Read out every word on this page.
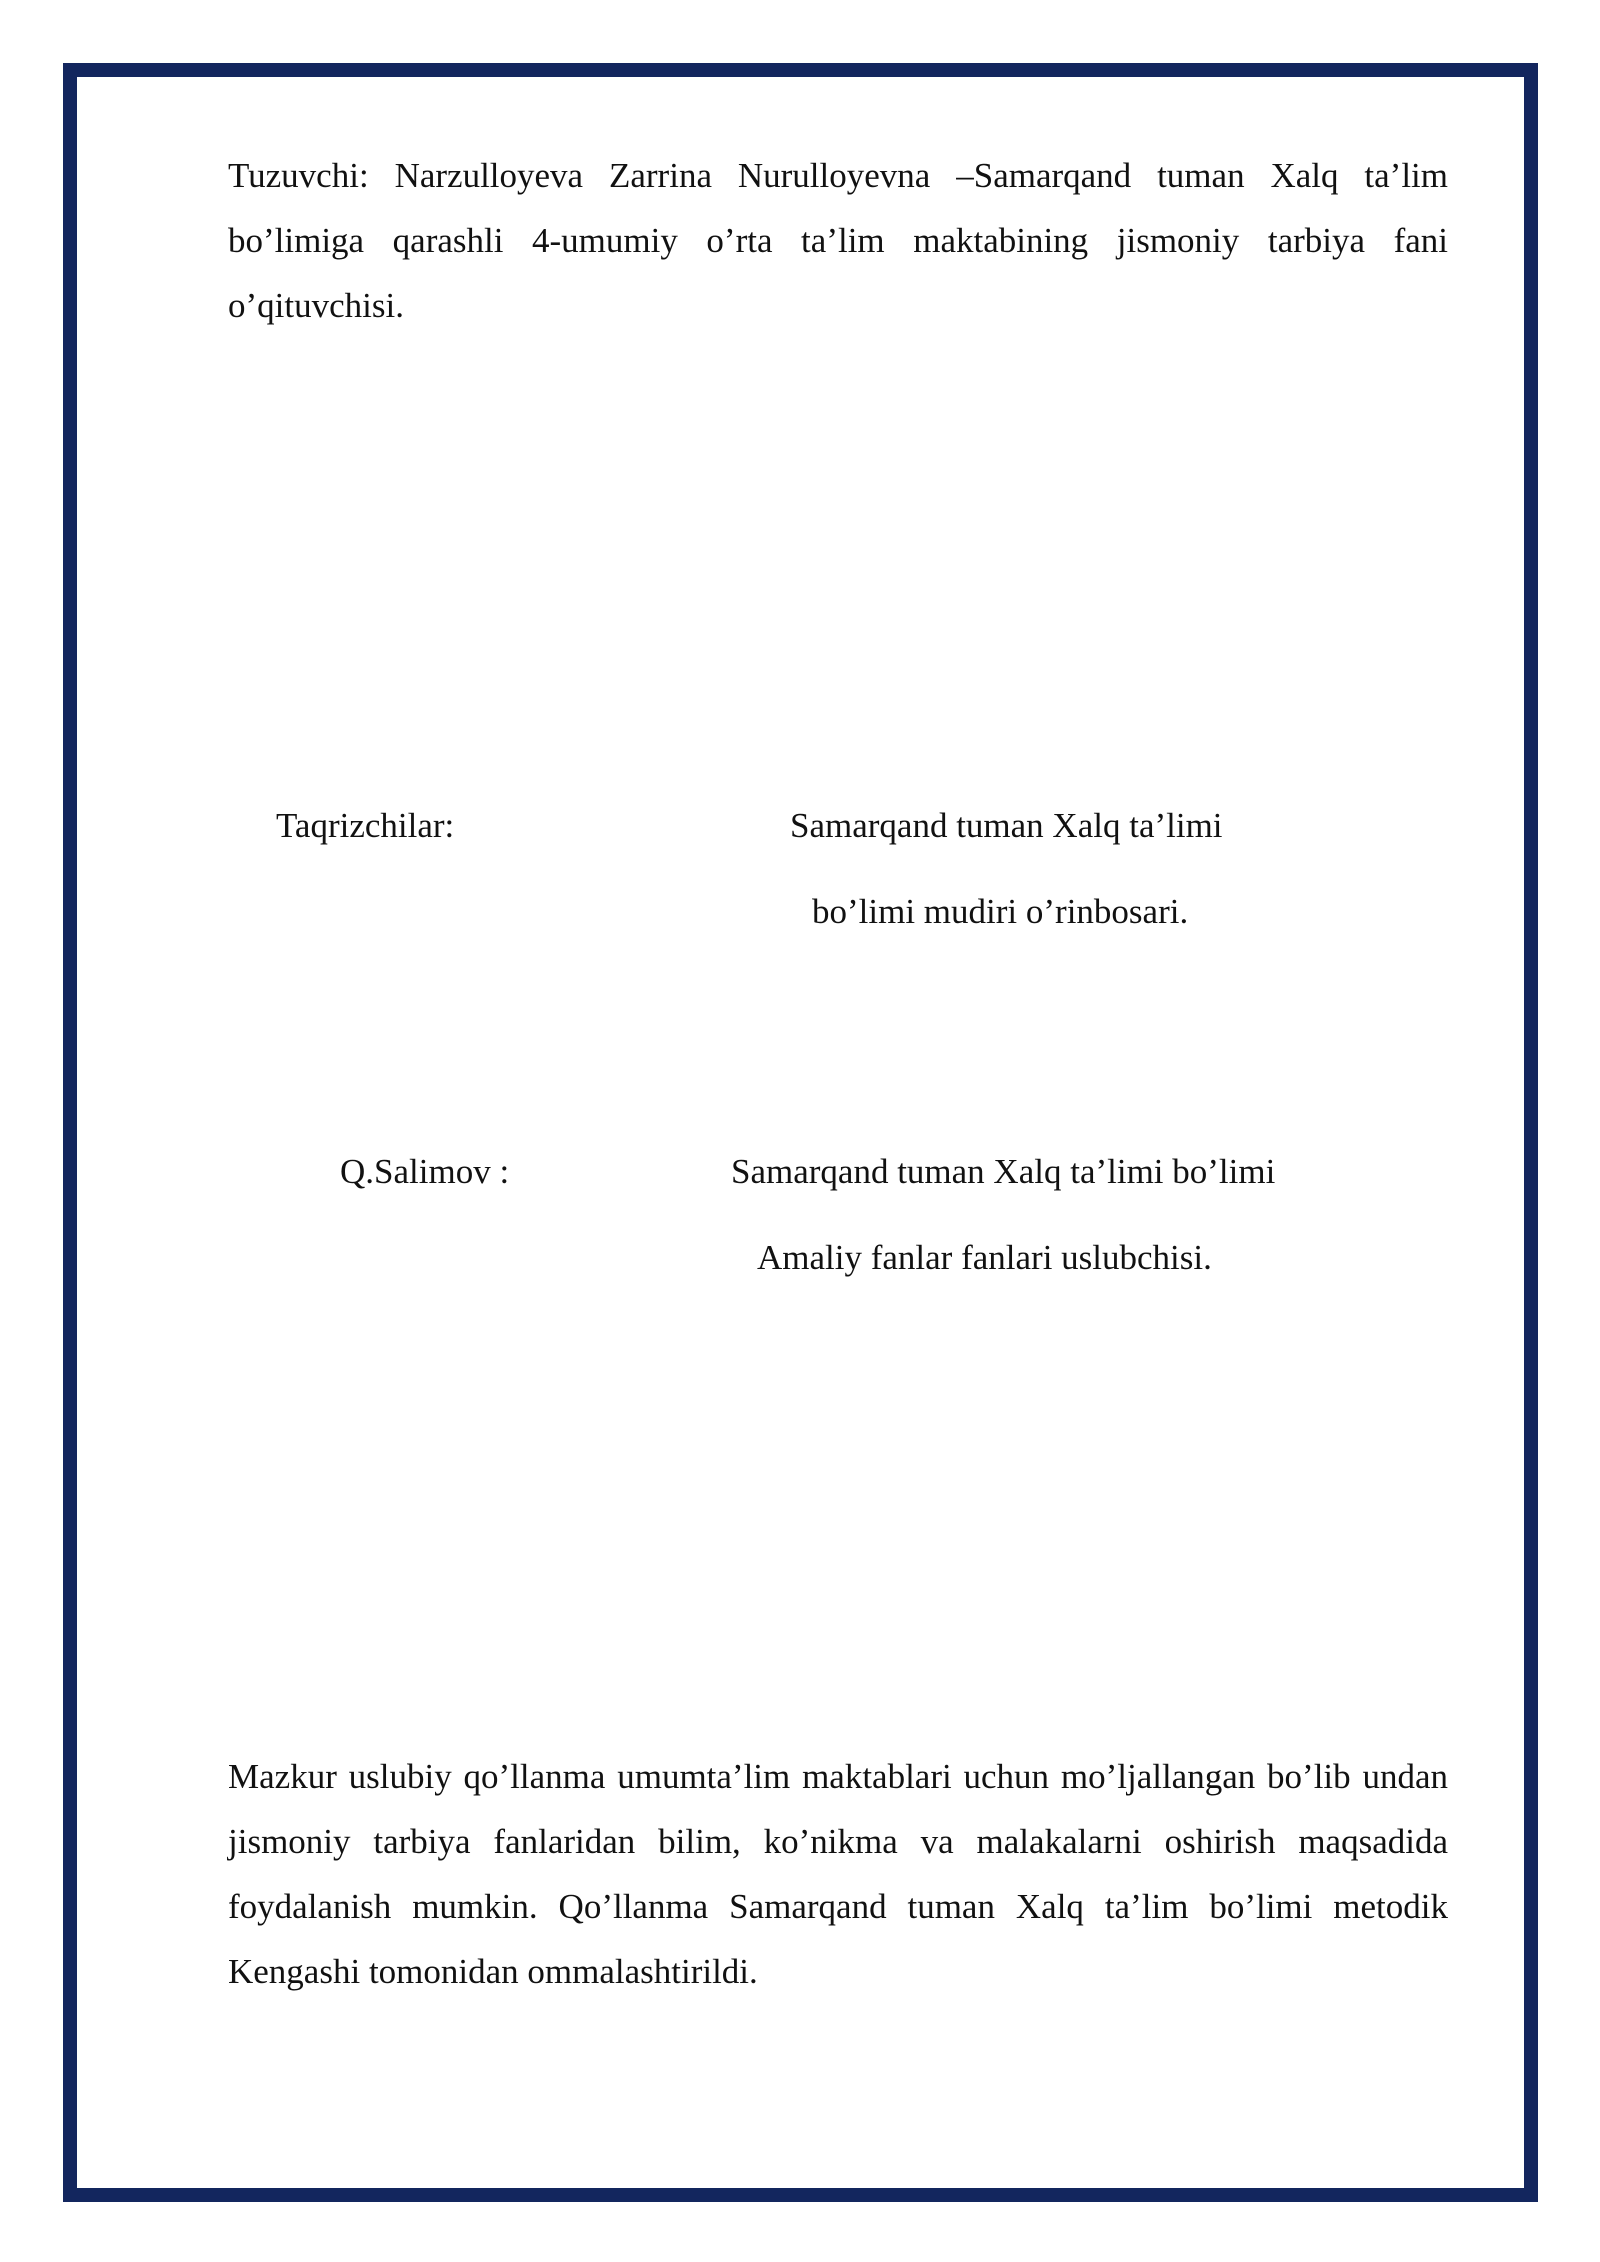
Tuzuvchi: Narzulloyeva Zarrina Nurulloyevna –Samarqand tuman Xalq ta’lim bo’limiga qarashli 4-umumiy o’rta ta’lim maktabining jismoniy tarbiya fani o’qituvchisi.
Taqrizchilar:	Samarqand tuman Xalq ta’limi
bo’limi mudiri o’rinbosari.
Q.Salimov :	Samarqand tuman Xalq ta’limi bo’limi
Amaliy fanlar fanlari uslubchisi.
Mazkur uslubiy qo’llanma umumta’lim maktablari uchun mo’ljallangan bo’lib undan jismoniy tarbiya fanlaridan bilim, ko’nikma va malakalarni oshirish maqsadida foydalanish mumkin. Qo’llanma Samarqand tuman Xalq ta’lim bo’limi metodik Kengashi tomonidan ommalashtirildi.
